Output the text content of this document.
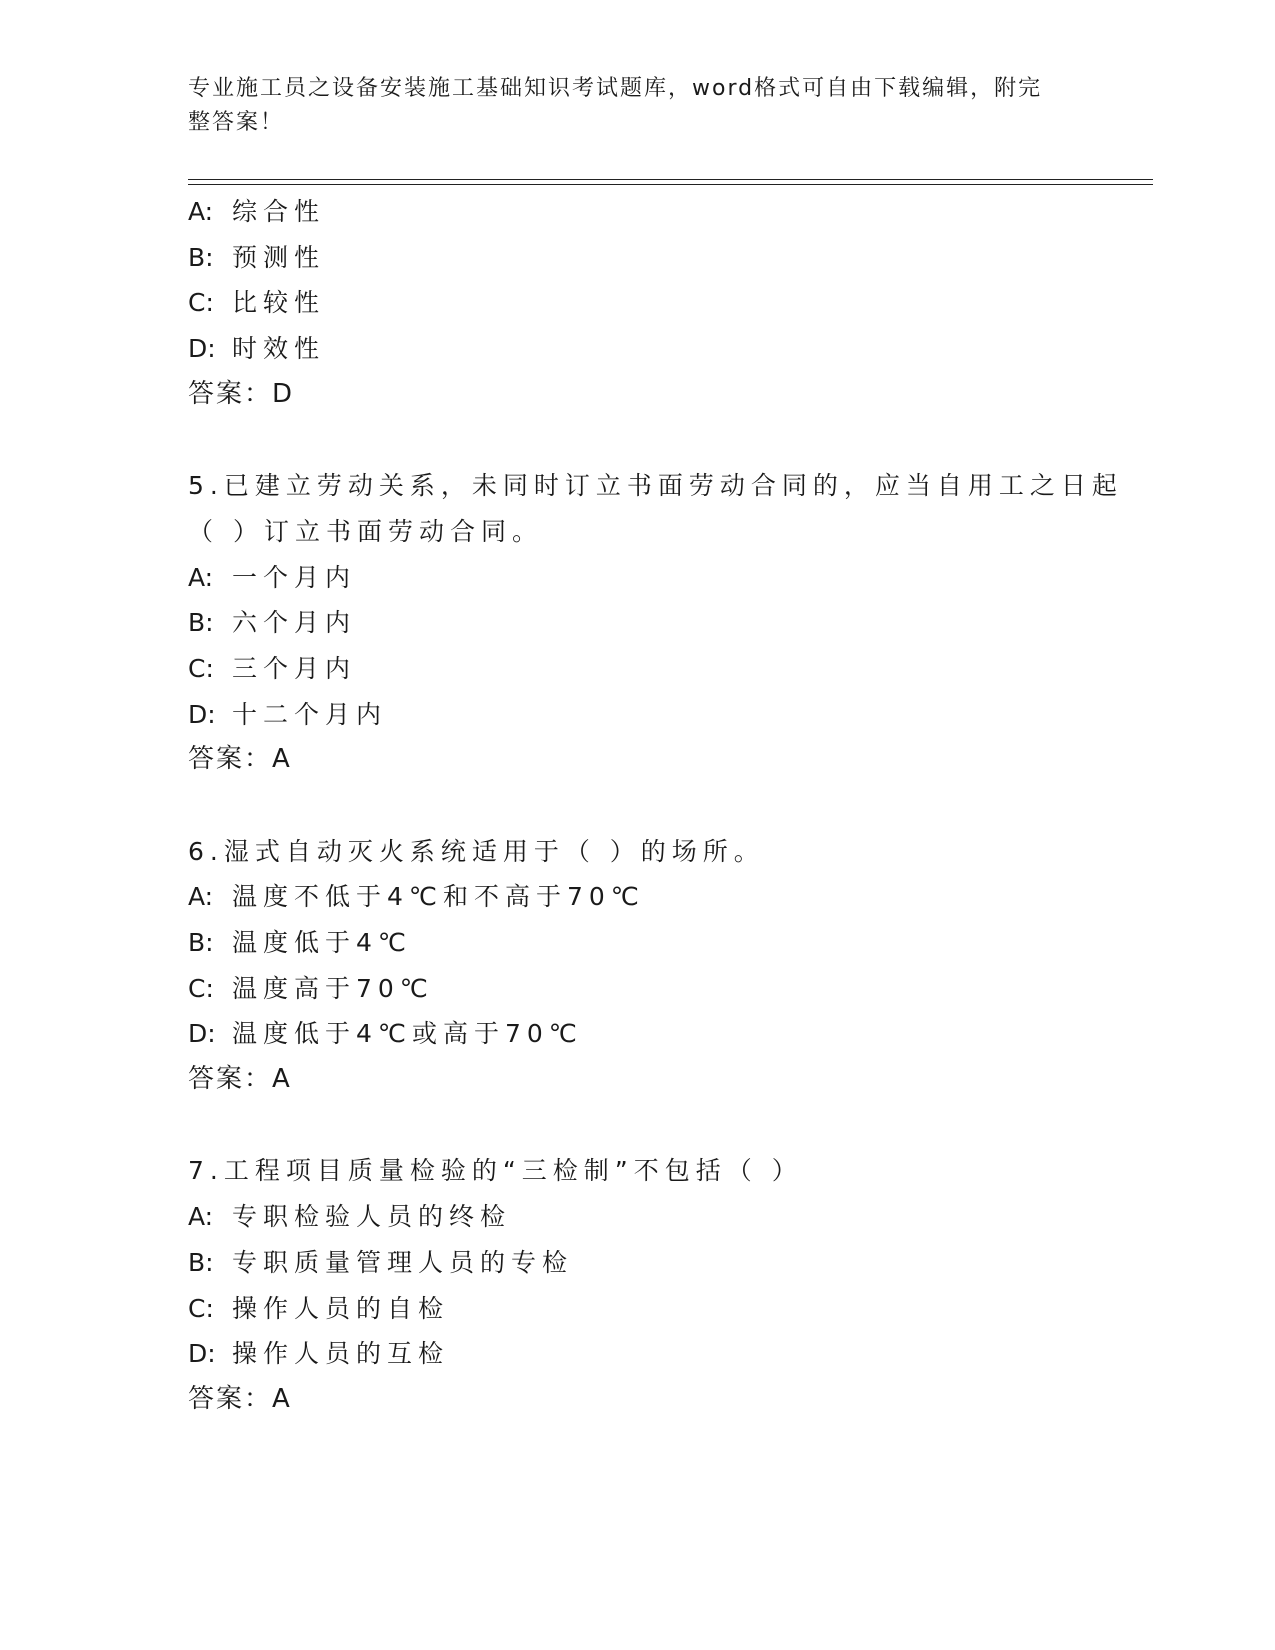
专业施工员之设备安装施工基础知识考试题库，word格式可自由下载编辑，附完
整答案！
A: 综合性
B: 预测性
C: 比较性
D: 时效性
答案：D
5.已建立劳动关系，未同时订立书面劳动合同的，应当自用工之日起
（ ）订立书面劳动合同。
A: 一个月内
B: 六个月内
C: 三个月内
D: 十二个月内
答案：A
6.湿式自动灭火系统适用于（ ）的场所。
A: 温度不低于4℃和不高于70℃
B: 温度低于4℃
C: 温度高于70℃
D: 温度低于4℃或高于70℃
答案：A
7.工程项目质量检验的“三检制”不包括（ ）
A: 专职检验人员的终检
B: 专职质量管理人员的专检
C: 操作人员的自检
D: 操作人员的互检
答案：A
